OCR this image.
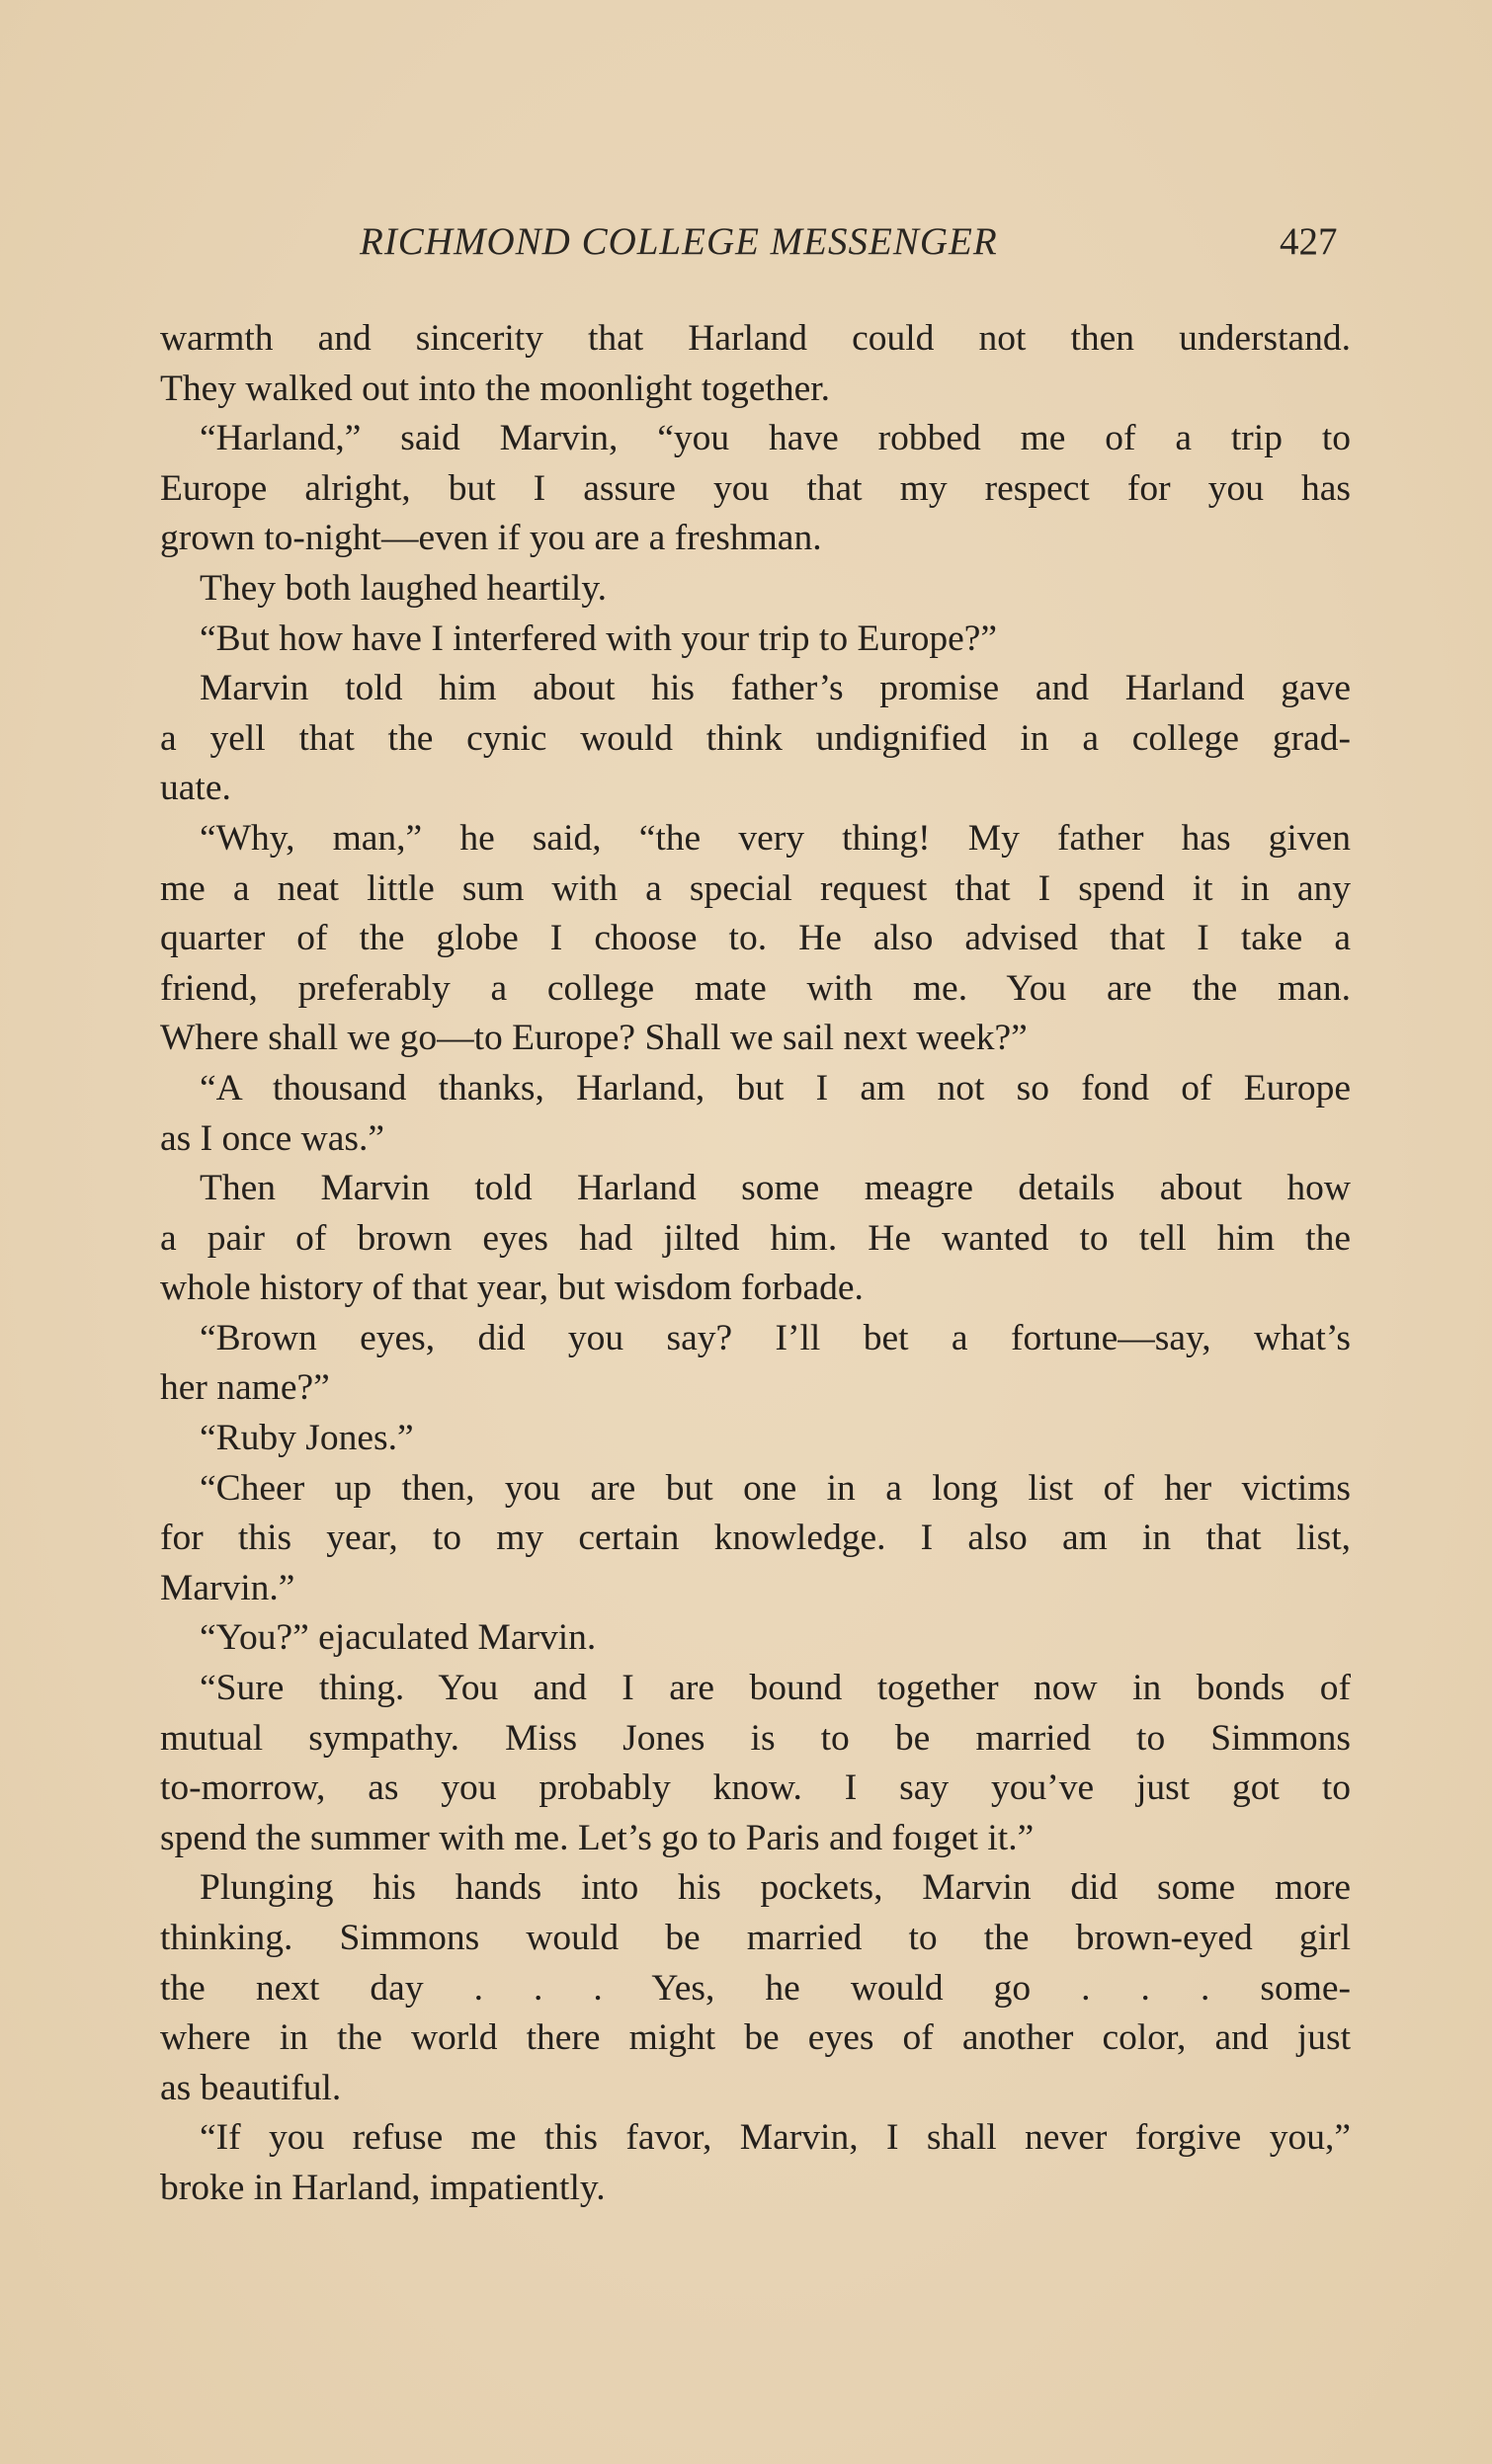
RICHMOND COLLEGE MESSENGER	427
warmth and sincerity that Harland could not then understand.
They walked out into the moonlight together.
“Harland,” said Marvin, “you have robbed me of a trip to
Europe alright, but I assure you that my respect for you has
grown to-night—even if you are a freshman.
They both laughed heartily.
“But how have I interfered with your trip to Europe?”
Marvin told him about his father’s promise and Harland gave
a yell that the cynic would think undignified in a college grad-
uate.
“Why, man,” he said, “the very thing! My father has given
me a neat little sum with a special request that I spend it in any
quarter of the globe I choose to. He also advised that I take a
friend, preferably a college mate with me. You are the man.
Where shall we go—to Europe? Shall we sail next week?”
“A thousand thanks, Harland, but I am not so fond of Europe
as I once was.”
Then Marvin told Harland some meagre details about how
a pair of brown eyes had jilted him. He wanted to tell him the
whole history of that year, but wisdom forbade.
“Brown eyes, did you say? I’ll bet a fortune—say, what’s
her name?”
“Ruby Jones.”
“Cheer up then, you are but one in a long list of her victims
for this year, to my certain knowledge. I also am in that list,
Marvin.”
“You?” ejaculated Marvin.
“Sure thing. You and I are bound together now in bonds of
mutual sympathy. Miss Jones is to be married to Simmons
to-morrow, as you probably know. I say you’ve just got to
spend the summer with me. Let’s go to Paris and foıget it.”
Plunging his hands into his pockets, Marvin did some more
thinking. Simmons would be married to the brown-eyed girl
the next day . . . Yes, he would go . . . some-
where in the world there might be eyes of another color, and just
as beautiful.
“If you refuse me this favor, Marvin, I shall never forgive you,”
broke in Harland, impatiently.
